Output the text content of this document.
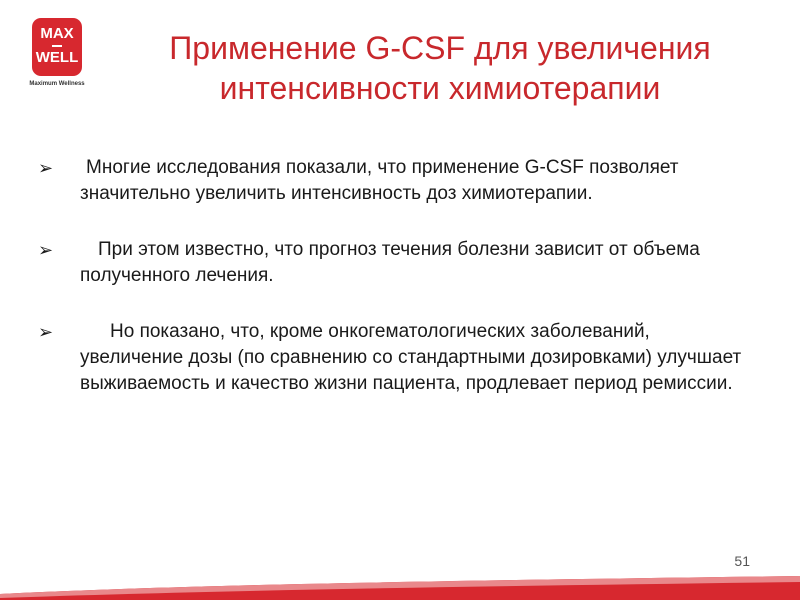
MAX
WELL
Maximum Wellness
Применение G-CSF для увеличения интенсивности химиотерапии
➢ Многие исследования показали, что применение G-CSF позволяет значительно увеличить интенсивность доз химиотерапии.
➢ При этом известно, что прогноз течения болезни зависит от объема полученного лечения.
➢	Но показано, что, кроме онкогематологических заболеваний, увеличение дозы (по сравнению со стандартными дозировками) улучшает выживаемость и качество жизни пациента, продлевает период ремиссии.
51
